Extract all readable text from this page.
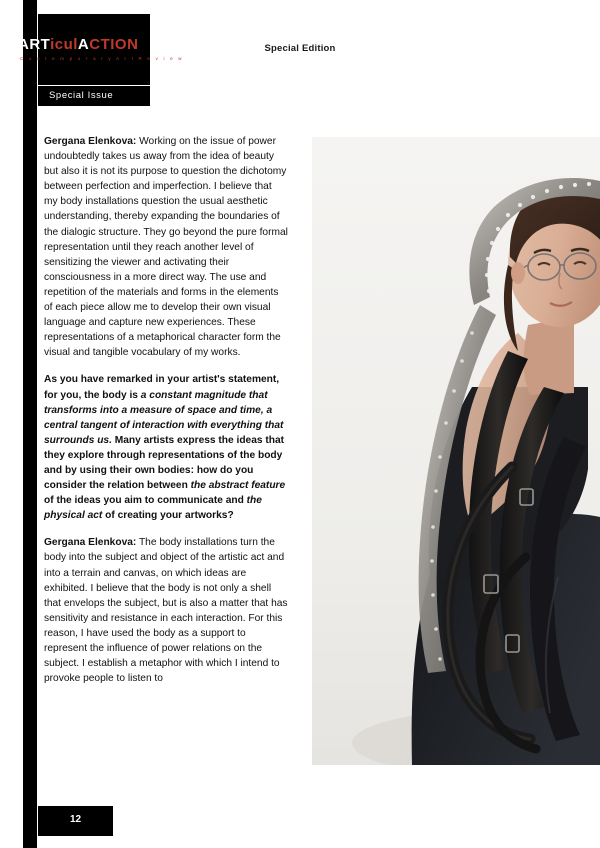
ARTiculACTION
C o n t e m p o r a r y A r t R e v i e w
Special Issue
Special Edition

Gergana Elenkova: Working on the issue of power undoubtedly takes us away from the idea of beauty but also it is not its purpose to question the dichotomy between perfection and imperfection. I believe that my body installations question the usual aesthetic understanding, thereby expanding the boundaries of the dialogic structure. They go beyond the pure formal representation until they reach another level of sensitizing the viewer and activating their consciousness in a more direct way. The use and repetition of the materials and forms in the elements of each piece allow me to develop their own visual language and capture new experiences. These representations of a metaphorical character form the visual and tangible vocabulary of my works.

As you have remarked in your artist's statement, for you, the body is a constant magnitude that transforms into a measure of space and time, a central tangent of interaction with everything that surrounds us. Many artists express the ideas that they explore through representations of the body and by using their own bodies: how do you consider the relation between the abstract feature of the ideas you aim to communicate and the physical act of creating your artworks?

Gergana Elenkova: The body installations turn the body into the subject and object of the artistic act and into a terrain and canvas, on which ideas are exhibited. I believe that the body is not only a shell that envelops the subject, but is also a matter that has sensitivity and resistance in each interaction. For this reason, I have used the body as a support to represent the influence of power relations on the subject. I establish a metaphor with which I intend to provoke people to listen to

12
